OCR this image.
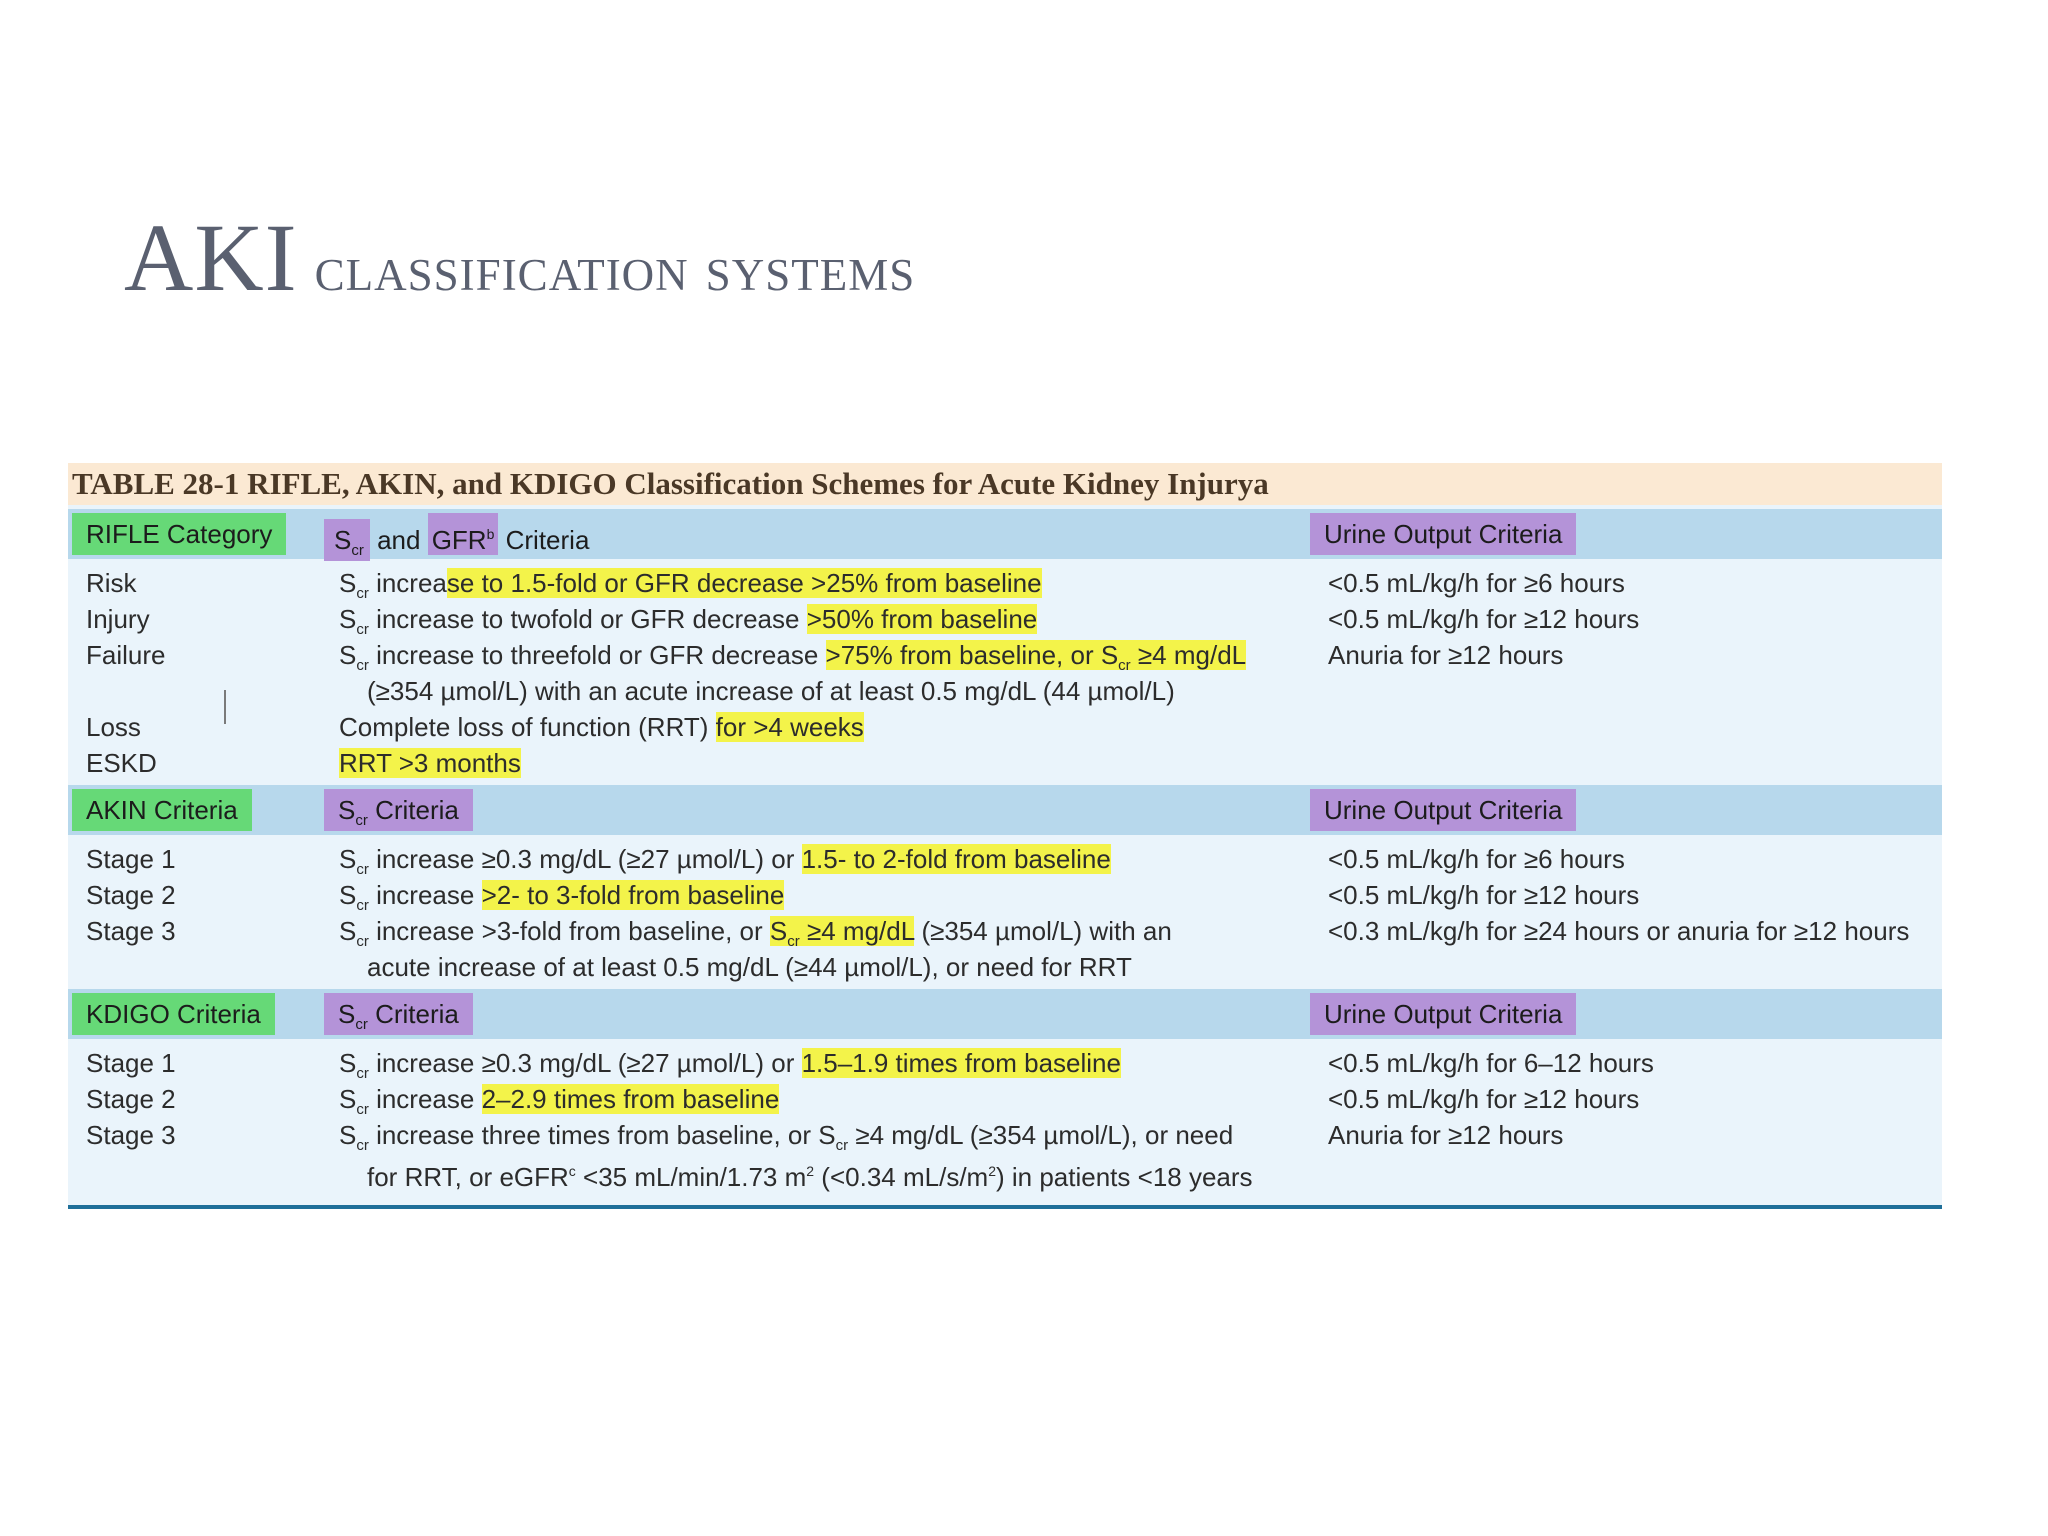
AKI classification systems
TABLE 28-1 RIFLE, AKIN, and KDIGO Classification Schemes for Acute Kidney Injurya
RIFLE Category	$S_{cr}$ and GFR$^b$ Criteria	Urine Output Criteria
Risk	$S_{cr}$ increase to 1.5-fold or GFR decrease >25% from baseline	<0.5 mL/kg/h for ≥6 hours
Injury	$S_{cr}$ increase to twofold or GFR decrease >50% from baseline	<0.5 mL/kg/h for ≥12 hours
Failure	$S_{cr}$ increase to threefold or GFR decrease >75% from baseline, or $S_{cr} \ge 4$ mg/dL	Anuria for ≥12 hours
(≥354 µmol/L) with an acute increase of at least 0.5 mg/dL (44 µmol/L)
Loss	Complete loss of function (RRT) for >4 weeks
ESKD	RRT >3 months
AKIN Criteria	$S_{cr}$ Criteria	Urine Output Criteria
Stage 1	$S_{cr}$ increase ≥0.3 mg/dL (≥27 µmol/L) or 1.5- to 2-fold from baseline	<0.5 mL/kg/h for ≥6 hours
Stage 2	$S_{cr}$ increase >2- to 3-fold from baseline	<0.5 mL/kg/h for ≥12 hours
Stage 3	$S_{cr}$ increase >3-fold from baseline, or $S_{cr} \ge 4$ mg/dL (≥354 µmol/L) with an	<0.3 mL/kg/h for ≥24 hours or anuria for ≥12 hours
acute increase of at least 0.5 mg/dL (≥44 µmol/L), or need for RRT
KDIGO Criteria	$S_{cr}$ Criteria	Urine Output Criteria
Stage 1	$S_{cr}$ increase ≥0.3 mg/dL (≥27 µmol/L) or 1.5–1.9 times from baseline	<0.5 mL/kg/h for 6–12 hours
Stage 2	$S_{cr}$ increase 2–2.9 times from baseline	<0.5 mL/kg/h for ≥12 hours
Stage 3	$S_{cr}$ increase three times from baseline, or $S_{cr} \ge 4$ mg/dL (≥354 µmol/L), or need	Anuria for ≥12 hours
for RRT, or eGFR$^c$ <35 mL/min/1.73 $m^2$ (<0.34 $mL/s/m^2$) in patients <18 years
